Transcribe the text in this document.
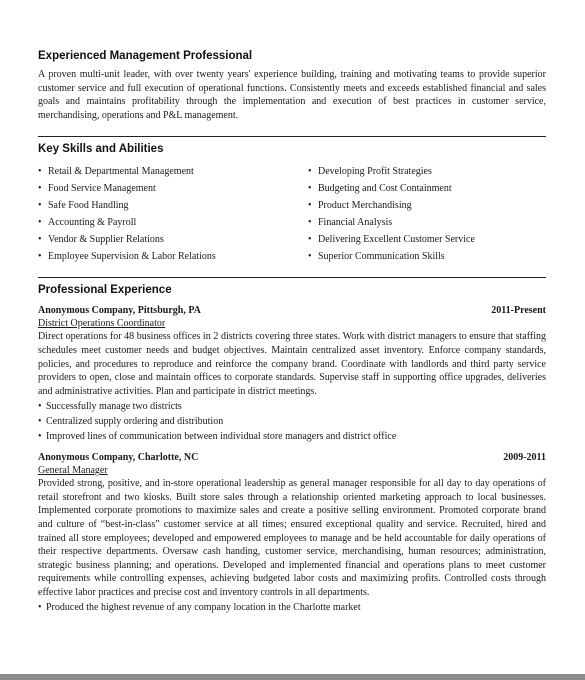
Experienced Management Professional

A proven multi-unit leader, with over twenty years' experience building, training and motivating teams to provide superior customer service and full execution of operational functions. Consistently meets and exceeds established financial and sales goals and maintains profitability through the implementation and execution of best practices in customer service, merchandising, operations and P&L management.

Key Skills and Abilities
• Retail & Departmental Management
• Food Service Management
• Safe Food Handling
• Accounting & Payroll
• Vendor & Supplier Relations
• Employee Supervision & Labor Relations
• Developing Profit Strategies
• Budgeting and Cost Containment
• Product Merchandising
• Financial Analysis
• Delivering Excellent Customer Service
• Superior Communication Skills
Professional Experience
Anonymous Company, Pittsburgh, PA	2011-Present
District Operations Coordinator

Direct operations for 48 business offices in 2 districts covering three states. Work with district managers to ensure that staffing schedules meet customer needs and budget objectives. Maintain centralized asset inventory. Enforce company standards, policies, and procedures to reproduce and reinforce the company brand. Coordinate with landlords and third party service providers to open, close and maintain offices to corporate standards. Supervise staff in supporting office upgrades, deliveries and administrative activities. Plan and participate in district meetings.

• Successfully manage two districts
• Centralized supply ordering and distribution
• Improved lines of communication between individual store managers and district office
Anonymous Company, Charlotte, NC	2009-2011
General Manager

Provided strong, positive, and in-store operational leadership as general manager responsible for all day to day operations of retail storefront and two kiosks. Built store sales through a relationship oriented marketing approach to local businesses. Implemented corporate promotions to maximize sales and create a positive selling environment. Promoted corporate brand and culture of “best-in-class” customer service at all times; ensured exceptional quality and service. Recruited, hired and trained all store employees; developed and empowered employees to manage and be held accountable for daily operations of their respective departments. Oversaw cash handing, customer service, merchandising, human resources; administration, strategic business planning; and operations. Developed and implemented financial and operations plans to meet customer requirements while controlling expenses, achieving budgeted labor costs and maximizing profits. Controlled costs through effective labor practices and precise cost and inventory controls in all departments.

• Produced the highest revenue of any company location in the Charlotte market
